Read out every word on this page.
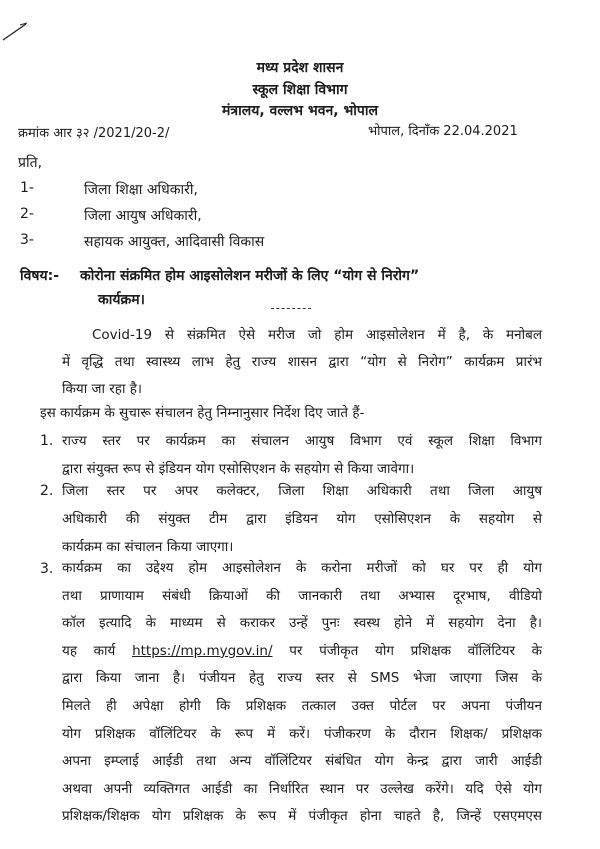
मध्य प्रदेश शासन
स्कूल शिक्षा विभाग
मंत्रालय, वल्लभ भवन, भोपाल
क्रमांक आर ३२ /2021/20-2/	भोपाल, दिनाँक 22.04.2021
प्रति,
1-	जिला शिक्षा अधिकारी,
2-	जिला आयुष अधिकारी,
3-	सहायक आयुक्त, आदिवासी विकास
विषय:- कोरोना संक्रमित होम आइसोलेशन मरीजों के लिए “योग से निरोग”
कार्यक्रम।

Covid-19 से संक्रमित ऐसे मरीज जो होम आइसोलेशन में है, के मनोबल

में वृद्धि तथा स्वास्थ्य लाभ हेतु राज्य शासन द्वारा “योग से निरोग” कार्यक्रम प्रारंभ

किया जा रहा है।

इस कार्यक्रम के सुचारू संचालन हेतु निम्नानुसार निर्देश दिए जाते हैं-
1. राज्य स्तर पर कार्यक्रम का संचालन आयुष विभाग एवं स्कूल शिक्षा विभाग

द्वारा संयुक्त रूप से इंडियन योग एसोसिएशन के सहयोग से किया जावेगा।

2. जिला स्तर पर अपर कलेक्टर, जिला शिक्षा अधिकारी तथा जिला आयुष

अधिकारी की संयुक्त टीम द्वारा इंडियन योग एसोसिएशन के सहयोग से

कार्यक्रम का संचालन किया जाएगा।

3. कार्यक्रम का उद्देश्य होम आइसोलेशन के करोना मरीजों को घर पर ही योग

तथा प्राणायाम संबंधी क्रियाओं की जानकारी तथा अभ्यास दूरभाष, वीडियो

कॉल इत्यादि के माध्यम से कराकर उन्हें पुनः स्वस्थ होने में सहयोग देना है।

यह कार्य https://mp.mygov.in/ पर पंजीकृत योग प्रशिक्षक वॉलिंटियर के

द्वारा किया जाना है। पंजीयन हेतु राज्य स्तर से SMS भेजा जाएगा जिस के

मिलते ही अपेक्षा होगी कि प्रशिक्षक तत्काल उक्त पोर्टल पर अपना पंजीयन

योग प्रशिक्षक वॉलिंटियर के रूप में करें। पंजीकरण के दौरान शिक्षक/ प्रशिक्षक

अपना इम्प्लाई आईडी तथा अन्य वॉलिंटियर संबंधित योग केन्द्र द्वारा जारी आईडी

अथवा अपनी व्यक्तिगत आईडी का निर्धारित स्थान पर उल्लेख करेंगे। यदि ऐसे योग

प्रशिक्षक/शिक्षक योग प्रशिक्षक के रूप में पंजीकृत होना चाहते है, जिन्हें एसएमएस
